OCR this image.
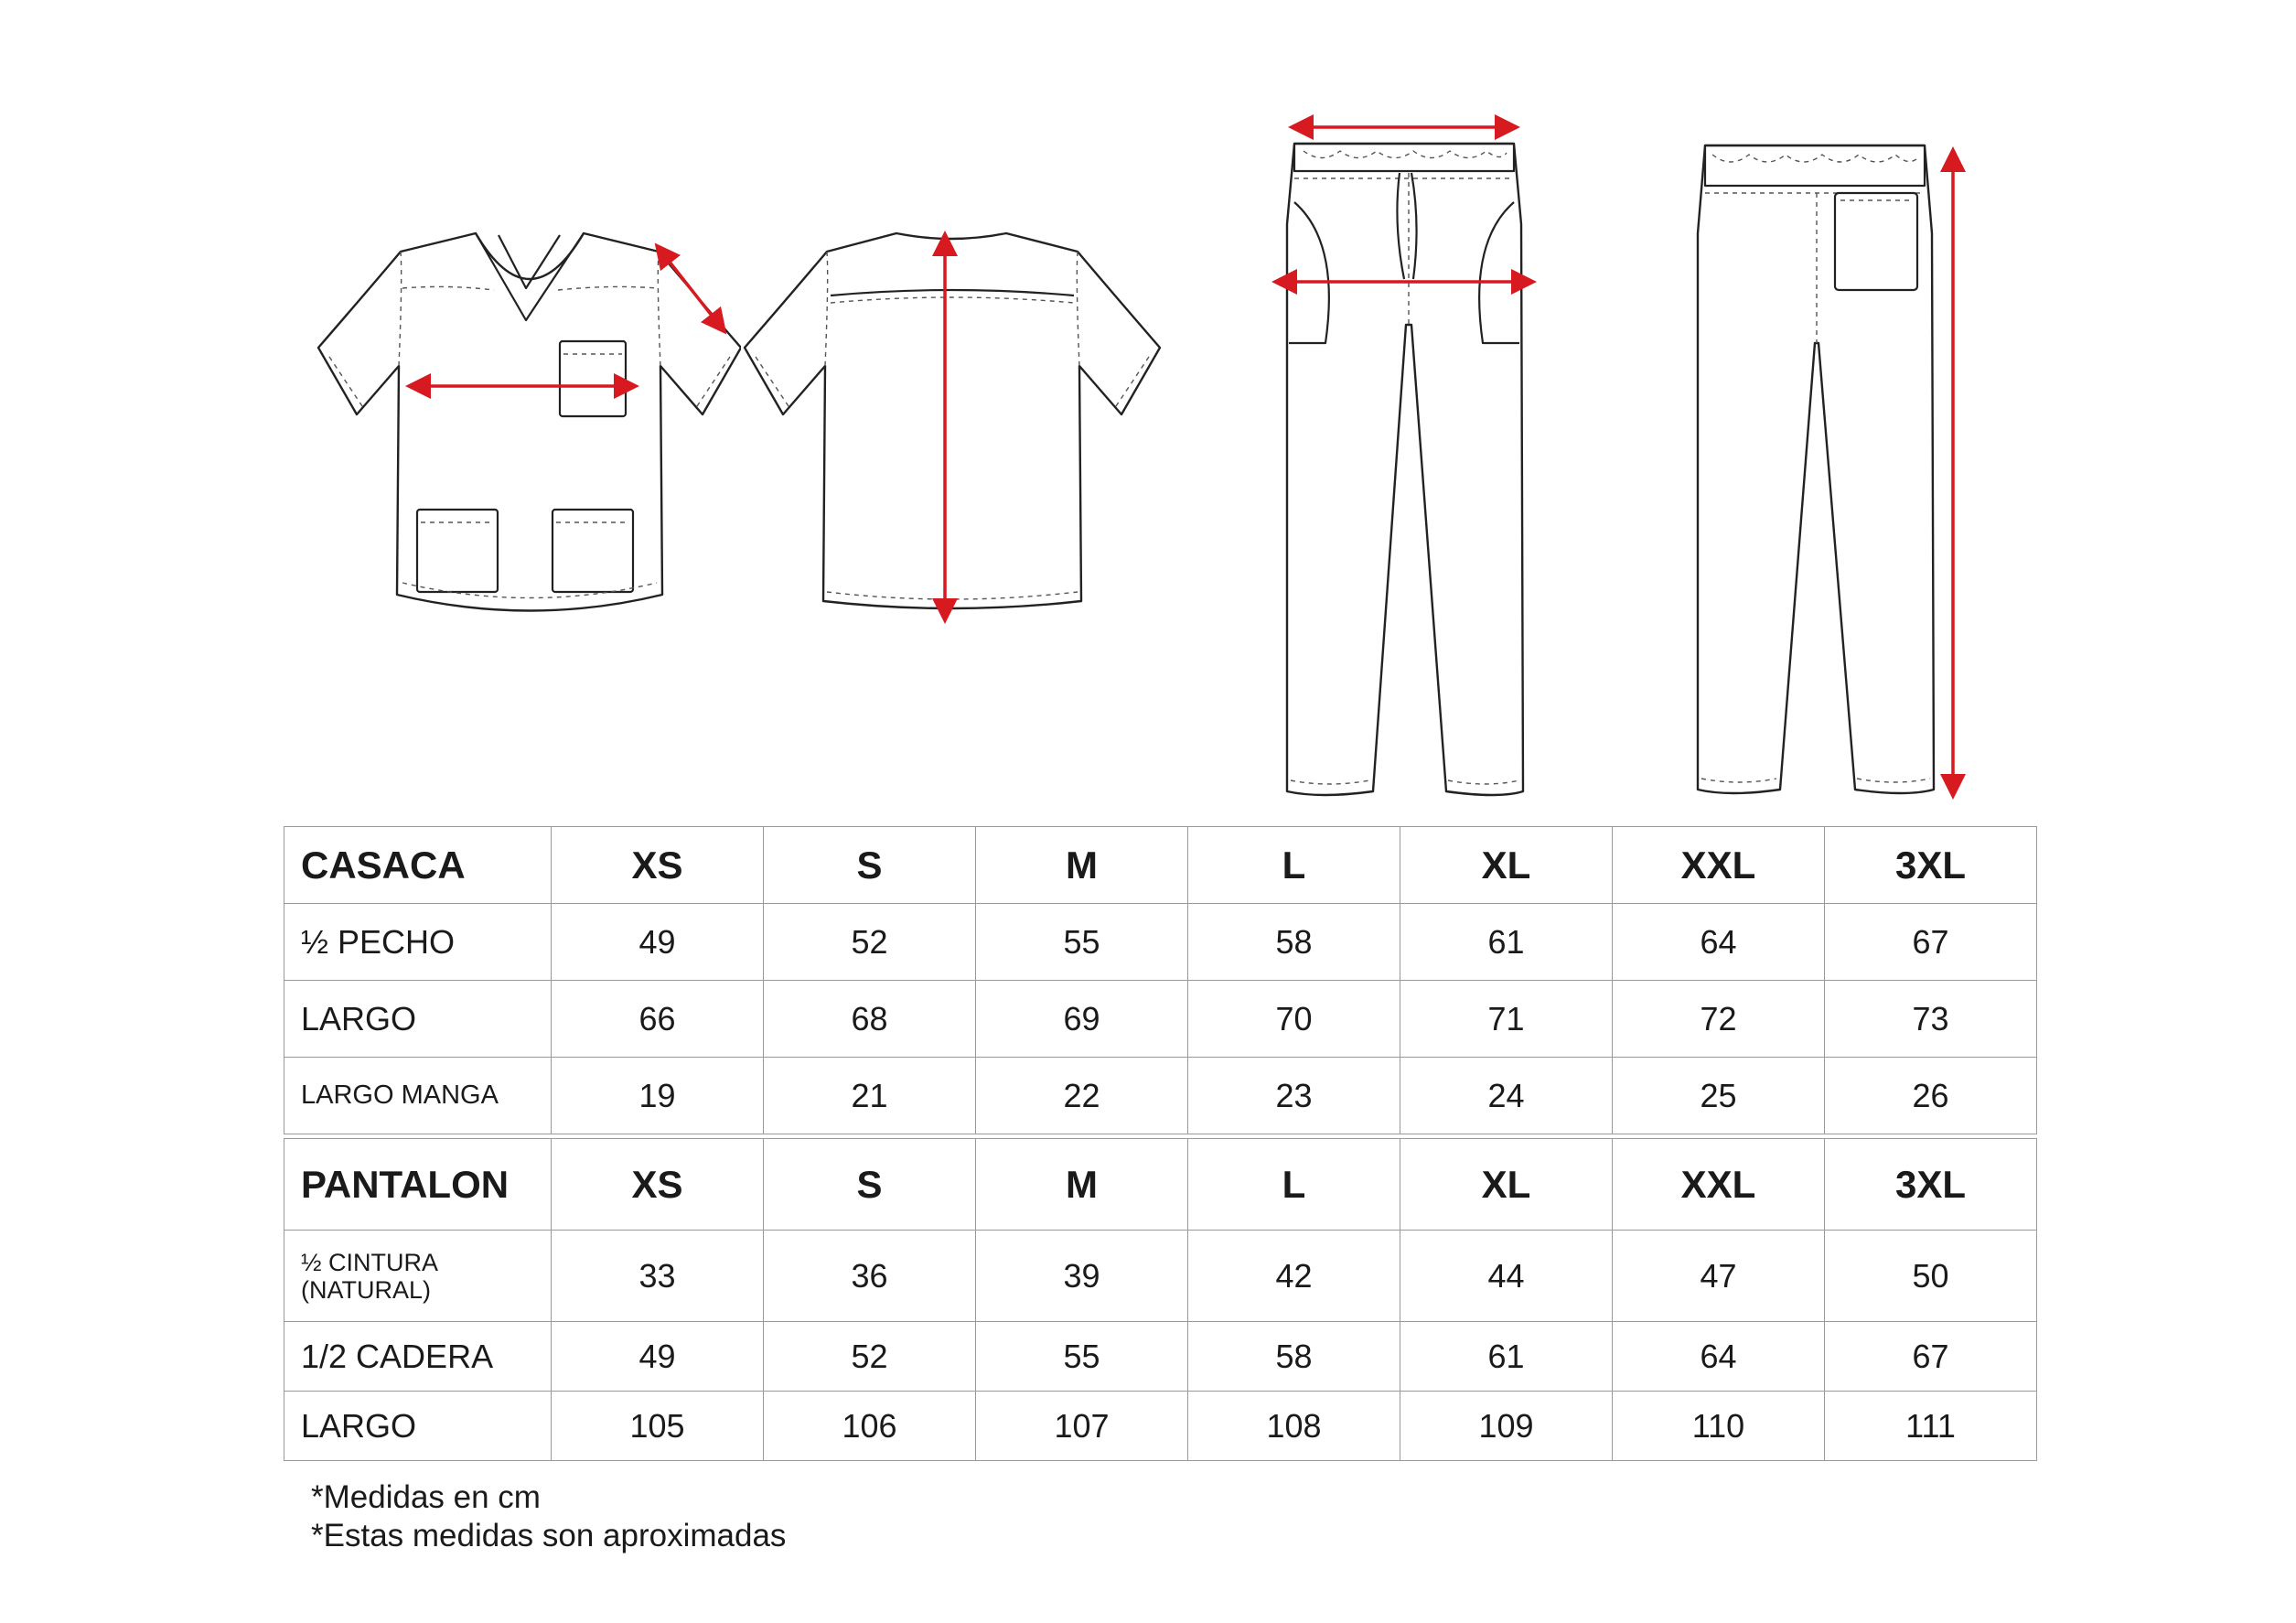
CASACA	XS	S	M	L	XL	XXL	3XL
½ PECHO	49	52	55	58	61	64	67
LARGO	66	68	69	70	71	72	73
LARGO MANGA	19	21	22	23	24	25	26
PANTALON	XS	S	M	L	XL	XXL	3XL

½ CINTURA
(NATURAL)	33	36	39	42	44	47	50
1/2 CADERA	49	52	55	58	61	64	67
LARGO	105	106	107	108	109	110	111
*Medidas en cm
*Estas medidas son aproximadas
